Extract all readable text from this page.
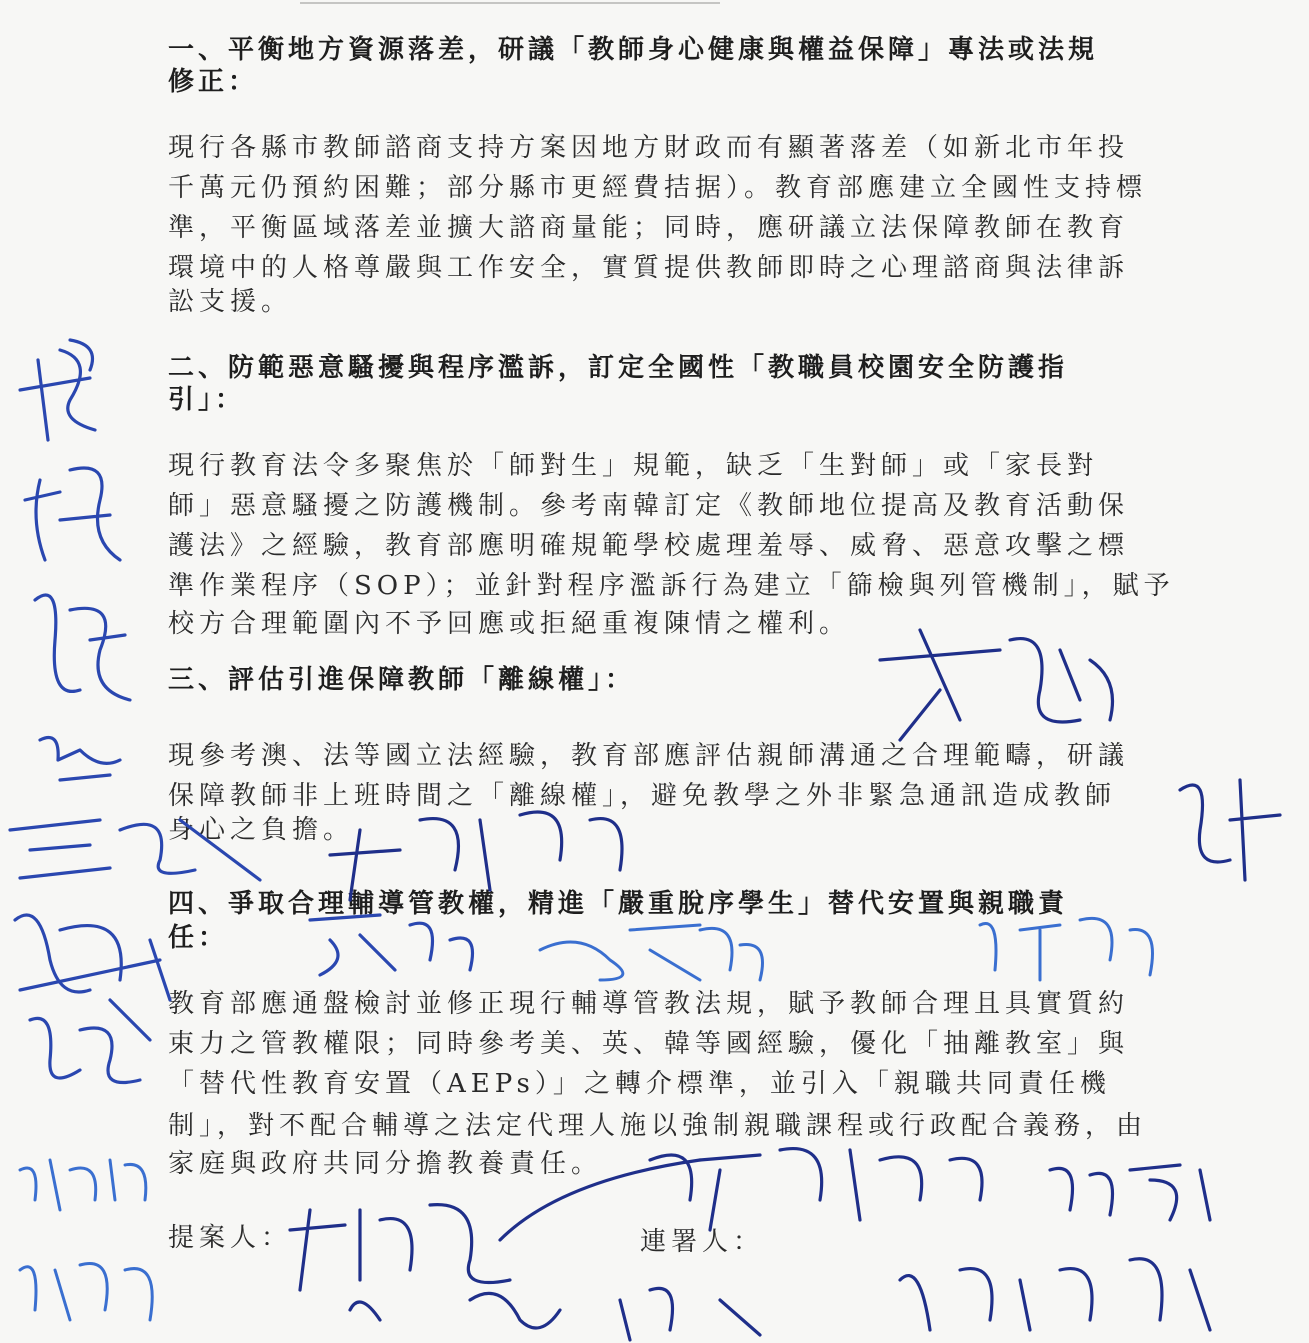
一、平衡地方資源落差，研議「教師身心健康與權益保障」專法或法規
修正：
現行各縣市教師諮商支持方案因地方財政而有顯著落差（如新北市年投
千萬元仍預約困難；部分縣市更經費拮据）。教育部應建立全國性支持標
準，平衡區域落差並擴大諮商量能；同時，應研議立法保障教師在教育
環境中的人格尊嚴與工作安全，實質提供教師即時之心理諮商與法律訴
訟支援。
二、防範惡意騷擾與程序濫訴，訂定全國性「教職員校園安全防護指
引」：
現行教育法令多聚焦於「師對生」規範，缺乏「生對師」或「家長對
師」惡意騷擾之防護機制。參考南韓訂定《教師地位提高及教育活動保
護法》之經驗，教育部應明確規範學校處理羞辱、威脅、惡意攻擊之標
準作業程序（SOP）；並針對程序濫訴行為建立「篩檢與列管機制」，賦予
校方合理範圍內不予回應或拒絕重複陳情之權利。
三、評估引進保障教師「離線權」：
現參考澳、法等國立法經驗，教育部應評估親師溝通之合理範疇，研議
保障教師非上班時間之「離線權」，避免教學之外非緊急通訊造成教師
身心之負擔。
四、爭取合理輔導管教權，精進「嚴重脫序學生」替代安置與親職責
任：
教育部應通盤檢討並修正現行輔導管教法規，賦予教師合理且具實質約
束力之管教權限；同時參考美、英、韓等國經驗，優化「抽離教室」與
「替代性教育安置（AEPs）」之轉介標準，並引入「親職共同責任機
制」，對不配合輔導之法定代理人施以強制親職課程或行政配合義務，由
家庭與政府共同分擔教養責任。
提案人：	連署人：
